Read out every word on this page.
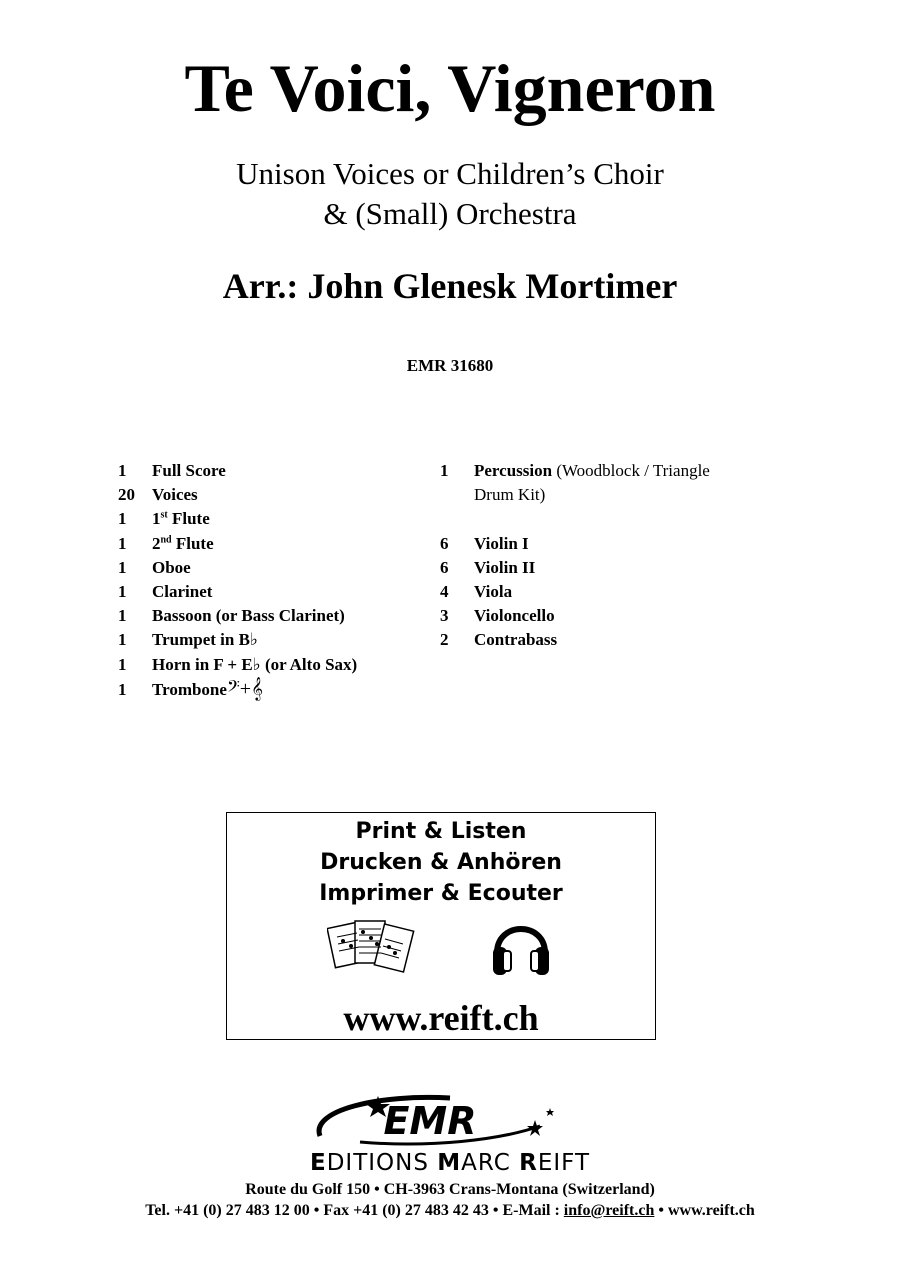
Te Voici, Vigneron
Unison Voices or Children’s Choir
& (Small) Orchestra
Arr.: John Glenesk Mortimer
EMR 31680
1 Full Score
20 Voices
1 1st Flute
1 2nd Flute
1 Oboe
1 Clarinet
1 Bassoon (or Bass Clarinet)
1 Trumpet in B♭
1 Horn in F + E♭ (or Alto Sax)
1 Trombone𝄢+𝄞
1 Percussion (Woodblock / Triangle
Drum Kit)
6 Violin I
6 Violin II
4 Viola
3 Violoncello
2 Contrabass
Print & Listen
Drucken & Anhören
Imprimer & Ecouter
www.reift.ch
EMR
EDITIONS MARC REIFT
Route du Golf 150 • CH-3963 Crans-Montana (Switzerland)
Tel. +41 (0) 27 483 12 00 • Fax +41 (0) 27 483 42 43 • E-Mail : info@reift.ch • www.reift.ch
